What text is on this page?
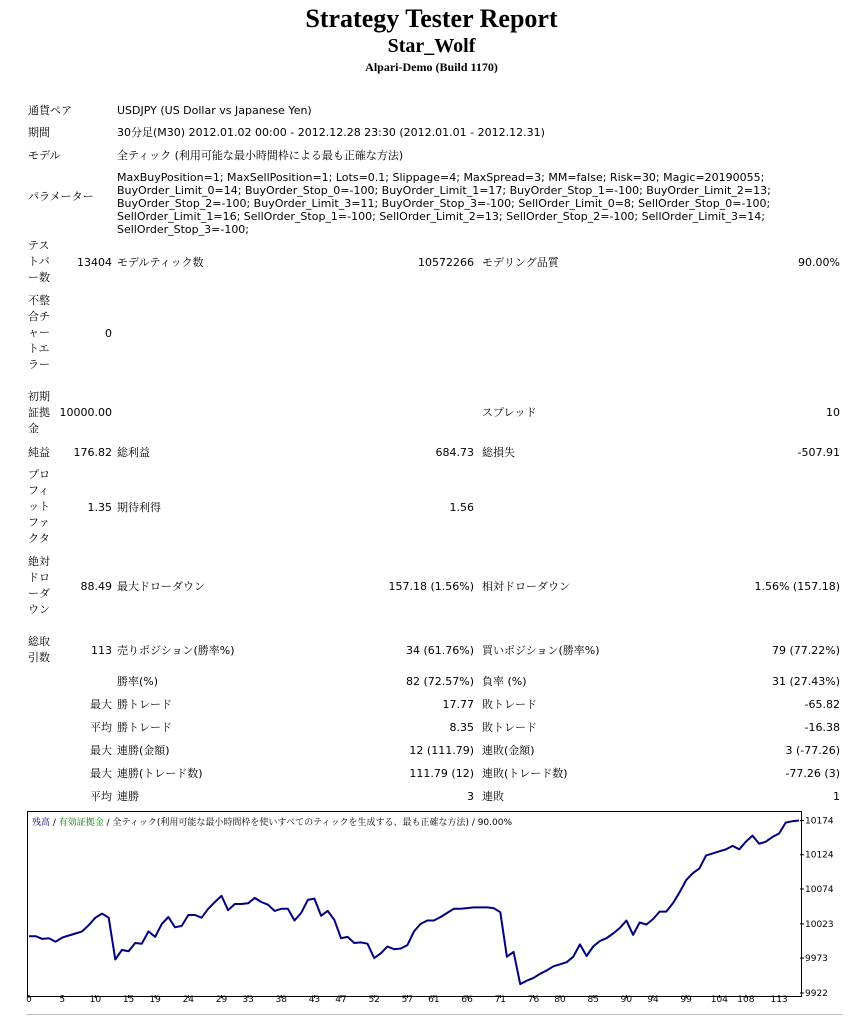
Strategy Tester Report
Star_Wolf
Alpari-Demo (Build 1170)
通貨ペア	USDJPY (US Dollar vs Japanese Yen)
期間	30分足(M30) 2012.01.02 00:00 - 2012.12.28 23:30 (2012.01.01 - 2012.12.31)
モデル	全ティック (利用可能な最小時間枠による最も正確な方法)
パラメーター
MaxBuyPosition=1; MaxSellPosition=1; Lots=0.1; Slippage=4; MaxSpread=3; MM=false; Risk=30; Magic=20190055; BuyOrder_Limit_0=14; BuyOrder_Stop_0=-100; BuyOrder_Limit_1=17; BuyOrder_Stop_1=-100; BuyOrder_Limit_2=13; BuyOrder_Stop_2=-100; BuyOrder_Limit_3=11; BuyOrder_Stop_3=-100; SellOrder_Limit_0=8; SellOrder_Stop_0=-100; SellOrder_Limit_1=16; SellOrder_Stop_1=-100; SellOrder_Limit_2=13; SellOrder_Stop_2=-100; SellOrder_Limit_3=14; SellOrder_Stop_3=-100;
テストバー数
13404 モデルティック数	10572266 モデリング品質	90.00%
不整合チャートエラー
0
初期証拠金
10000.00	スプレッド	10
純益	176.82 総利益	684.73 総損失	-507.91
プロフィットファクタ
1.35 期待利得	1.56
絶対ドローダウン
88.49 最大ドローダウン	157.18 (1.56%) 相対ドローダウン	1.56% (157.18)
総取引数
113 売りポジション(勝率%)	34 (61.76%) 買いポジション(勝率%)	79 (77.22%)
勝率(%)	82 (72.57%) 負率 (%)	31 (27.43%)
最大 勝トレード	17.77 敗トレード	-65.82
平均 勝トレード	8.35 敗トレード	-16.38
最大 連勝(金額)	12 (111.79) 連敗(金額)	3 (-77.26)
最大 連勝(トレード数)	111.79 (12) 連敗(トレード数)	-77.26 (3)
平均 連勝	3 連敗	1
残高 / 有効証拠金 / 全ティック(利用可能な最小時間枠を使いすべてのティックを生成する、最も正確な方法) / 90.00%
9922
9973
10023
10074
10124
10174
0	5	10 15 19 24 29 33 38 43 47 52 57 61 66 71 76 80 85 90 94 99 104 108 113
